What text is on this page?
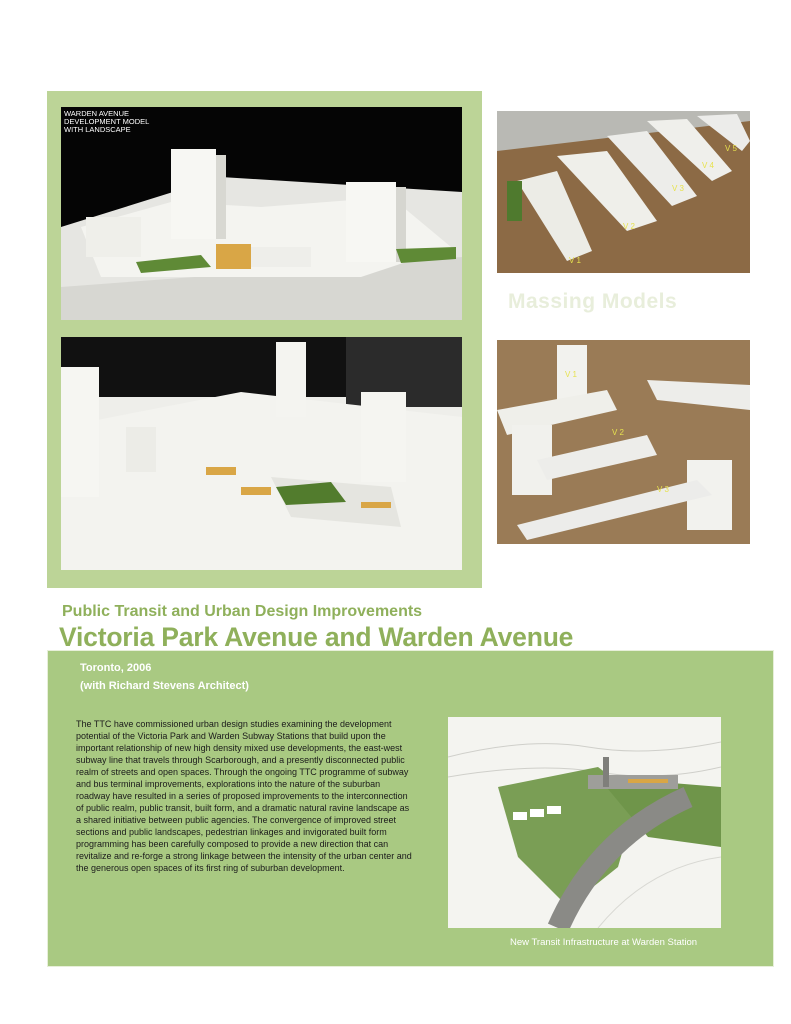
WARDEN AVENUE
DEVELOPMENT MODEL
WITH LANDSCAPE
V 1
V 2
V 3
V 4
V 5
V 1
V 2
V 3
Massing Models
Public Transit and Urban Design Improvements
Victoria Park Avenue and Warden Avenue
Toronto, 2006
(with Richard Stevens Architect)
The TTC have commissioned urban design studies examining the development potential of the Victoria Park and Warden Subway Stations that build upon the important relationship of new high density mixed use developments, the east-west subway line that travels through Scarborough, and a presently disconnected public realm of streets and open spaces. Through the ongoing TTC programme of subway and bus terminal improvements, explorations into the nature of the suburban roadway have resulted in a series of proposed improvements to the interconnection of public realm, public transit, built form, and a dramatic natural ravine landscape as a shared initiative between public agencies. The convergence of improved street sections and public landscapes, pedestrian linkages and invigorated built form programming has been carefully composed to provide a new direction that can revitalize and re-forge a strong linkage between the intensity of the urban center and the generous open spaces of its first ring of suburban development.
New Transit Infrastructure at Warden Station
